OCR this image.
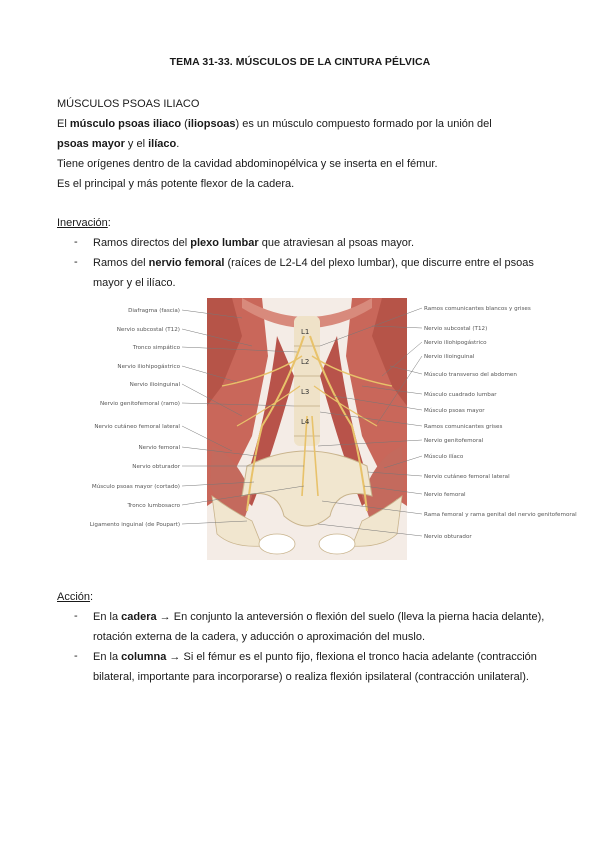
TEMA 31-33. MÚSCULOS DE LA CINTURA PÉLVICA
MÚSCULOS PSOAS ILIACO
El músculo psoas iliaco (iliopsoas) es un músculo compuesto formado por la unión del
psoas mayor y el ilíaco.
Tiene orígenes dentro de la cavidad abdominopélvica y se inserta en el fémur.
Es el principal y más potente flexor de la cadera.
Inervación:
- Ramos directos del plexo lumbar que atraviesan al psoas mayor.
- Ramos del nervio femoral (raíces de L2-L4 del plexo lumbar), que discurre entre el psoas mayor y el ilíaco.
L1
L2
L3
L4
Diafragma (fascia)
Nervio subcostal (T12)
Tronco simpático
Nervio iliohipogástrico
Nervio ilioinguinal
Nervio genitofemoral (ramo)
Nervio cutáneo femoral lateral
Nervio femoral
Nervio obturador
Músculo psoas mayor (cortado)
Tronco lumbosacro
Ligamento inguinal (de Poupart)
Ramos comunicantes blancos y grises
Nervio subcostal (T12)
Nervio iliohipogástrico
Nervio ilioinguinal
Músculo transverso del abdomen
Músculo cuadrado lumbar
Músculo psoas mayor
Ramos comunicantes grises
Nervio genitofemoral
Músculo ilíaco
Nervio cutáneo femoral lateral
Nervio femoral
Rama femoral y rama genital del nervio genitofemoral
Nervio obturador
Acción:
- En la cadera → En conjunto la anteversión o flexión del suelo (lleva la pierna hacia delante), rotación externa de la cadera, y aducción o aproximación del muslo.
- En la columna → Si el fémur es el punto fijo, flexiona el tronco hacia adelante (contracción bilateral, importante para incorporarse) o realiza flexión ipsilateral (contracción unilateral).
